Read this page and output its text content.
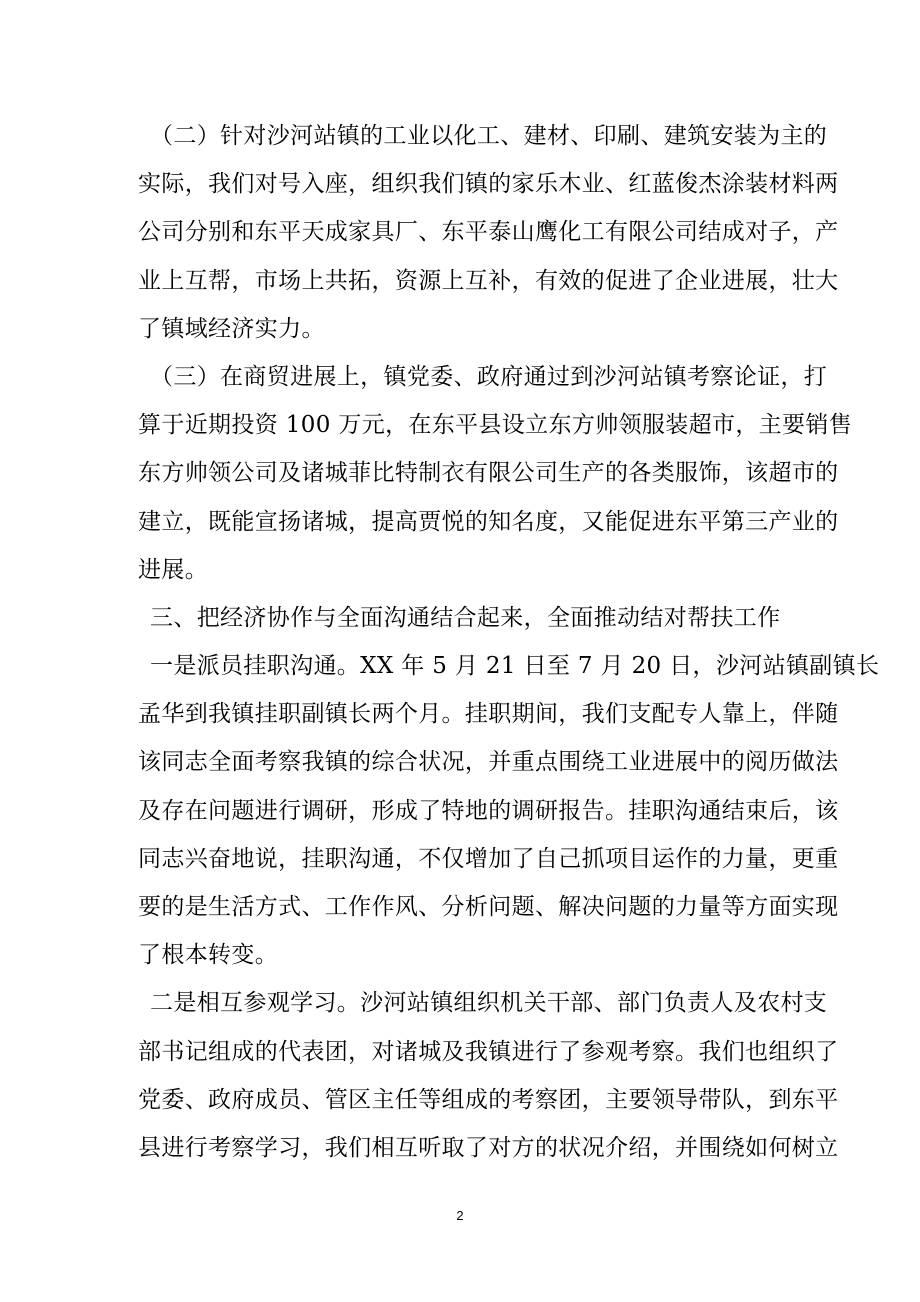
（二）针对沙河站镇的工业以化工、建材、印刷、建筑安装为主的
实际，我们对号入座，组织我们镇的家乐木业、红蓝俊杰涂装材料两
公司分别和东平天成家具厂、东平泰山鹰化工有限公司结成对子，产
业上互帮，市场上共拓，资源上互补，有效的促进了企业进展，壮大
了镇域经济实力。
（三）在商贸进展上，镇党委、政府通过到沙河站镇考察论证，打
算于近期投资 100 万元，在东平县设立东方帅领服装超市，主要销售
东方帅领公司及诸城菲比特制衣有限公司生产的各类服饰，该超市的
建立，既能宣扬诸城，提高贾悦的知名度，又能促进东平第三产业的
进展。
三、把经济协作与全面沟通结合起来，全面推动结对帮扶工作
一是派员挂职沟通。XX 年 5 月 21 日至 7 月 20 日，沙河站镇副镇长
孟华到我镇挂职副镇长两个月。挂职期间，我们支配专人靠上，伴随
该同志全面考察我镇的综合状况，并重点围绕工业进展中的阅历做法
及存在问题进行调研，形成了特地的调研报告。挂职沟通结束后，该
同志兴奋地说，挂职沟通，不仅增加了自己抓项目运作的力量，更重
要的是生活方式、工作作风、分析问题、解决问题的力量等方面实现
了根本转变。
二是相互参观学习。沙河站镇组织机关干部、部门负责人及农村支
部书记组成的代表团，对诸城及我镇进行了参观考察。我们也组织了
党委、政府成员、管区主任等组成的考察团，主要领导带队，到东平
县进行考察学习，我们相互听取了对方的状况介绍，并围绕如何树立
2
